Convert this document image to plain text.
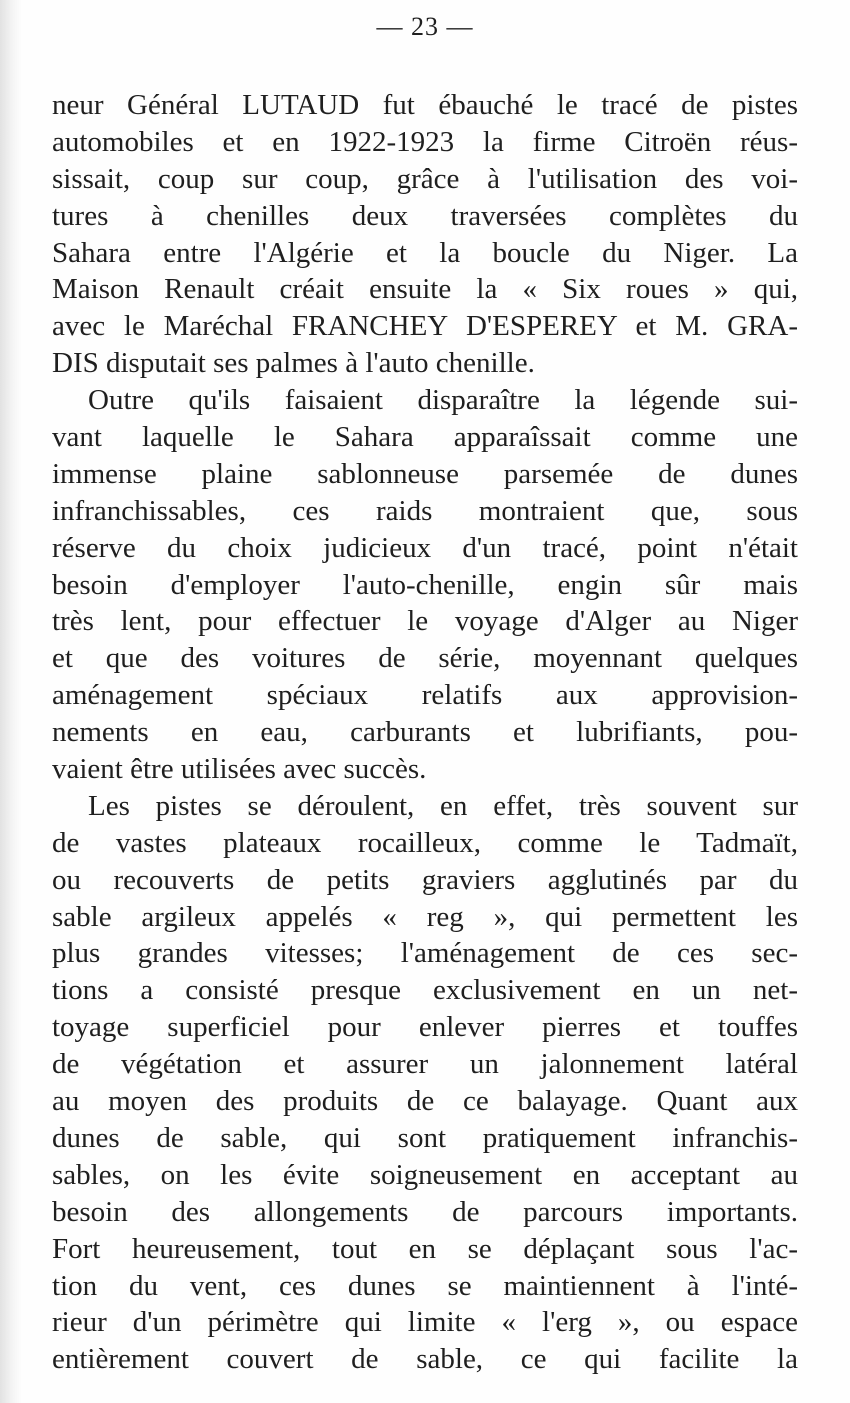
— 23 —
neur Général LUTAUD fut ébauché le tracé de pistes
automobiles et en 1922-1923 la firme Citroën réus-
sissait, coup sur coup, grâce à l'utilisation des voi-
tures à chenilles deux traversées complètes du
Sahara entre l'Algérie et la boucle du Niger. La
Maison Renault créait ensuite la « Six roues » qui,
avec le Maréchal FRANCHEY D'ESPEREY et M. GRA-
DIS disputait ses palmes à l'auto chenille.
Outre qu'ils faisaient disparaître la légende sui-
vant laquelle le Sahara apparaîssait comme une
immense plaine sablonneuse parsemée de dunes
infranchissables, ces raids montraient que, sous
réserve du choix judicieux d'un tracé, point n'était
besoin d'employer l'auto-chenille, engin sûr mais
très lent, pour effectuer le voyage d'Alger au Niger
et que des voitures de série, moyennant quelques
aménagement spéciaux relatifs aux approvision-
nements en eau, carburants et lubrifiants, pou-
vaient être utilisées avec succès.
Les pistes se déroulent, en effet, très souvent sur
de vastes plateaux rocailleux, comme le Tadmaït,
ou recouverts de petits graviers agglutinés par du
sable argileux appelés « reg », qui permettent les
plus grandes vitesses; l'aménagement de ces sec-
tions a consisté presque exclusivement en un net-
toyage superficiel pour enlever pierres et touffes
de végétation et assurer un jalonnement latéral
au moyen des produits de ce balayage. Quant aux
dunes de sable, qui sont pratiquement infranchis-
sables, on les évite soigneusement en acceptant au
besoin des allongements de parcours importants.
Fort heureusement, tout en se déplaçant sous l'ac-
tion du vent, ces dunes se maintiennent à l'inté-
rieur d'un périmètre qui limite « l'erg », ou espace
entièrement couvert de sable, ce qui facilite la
